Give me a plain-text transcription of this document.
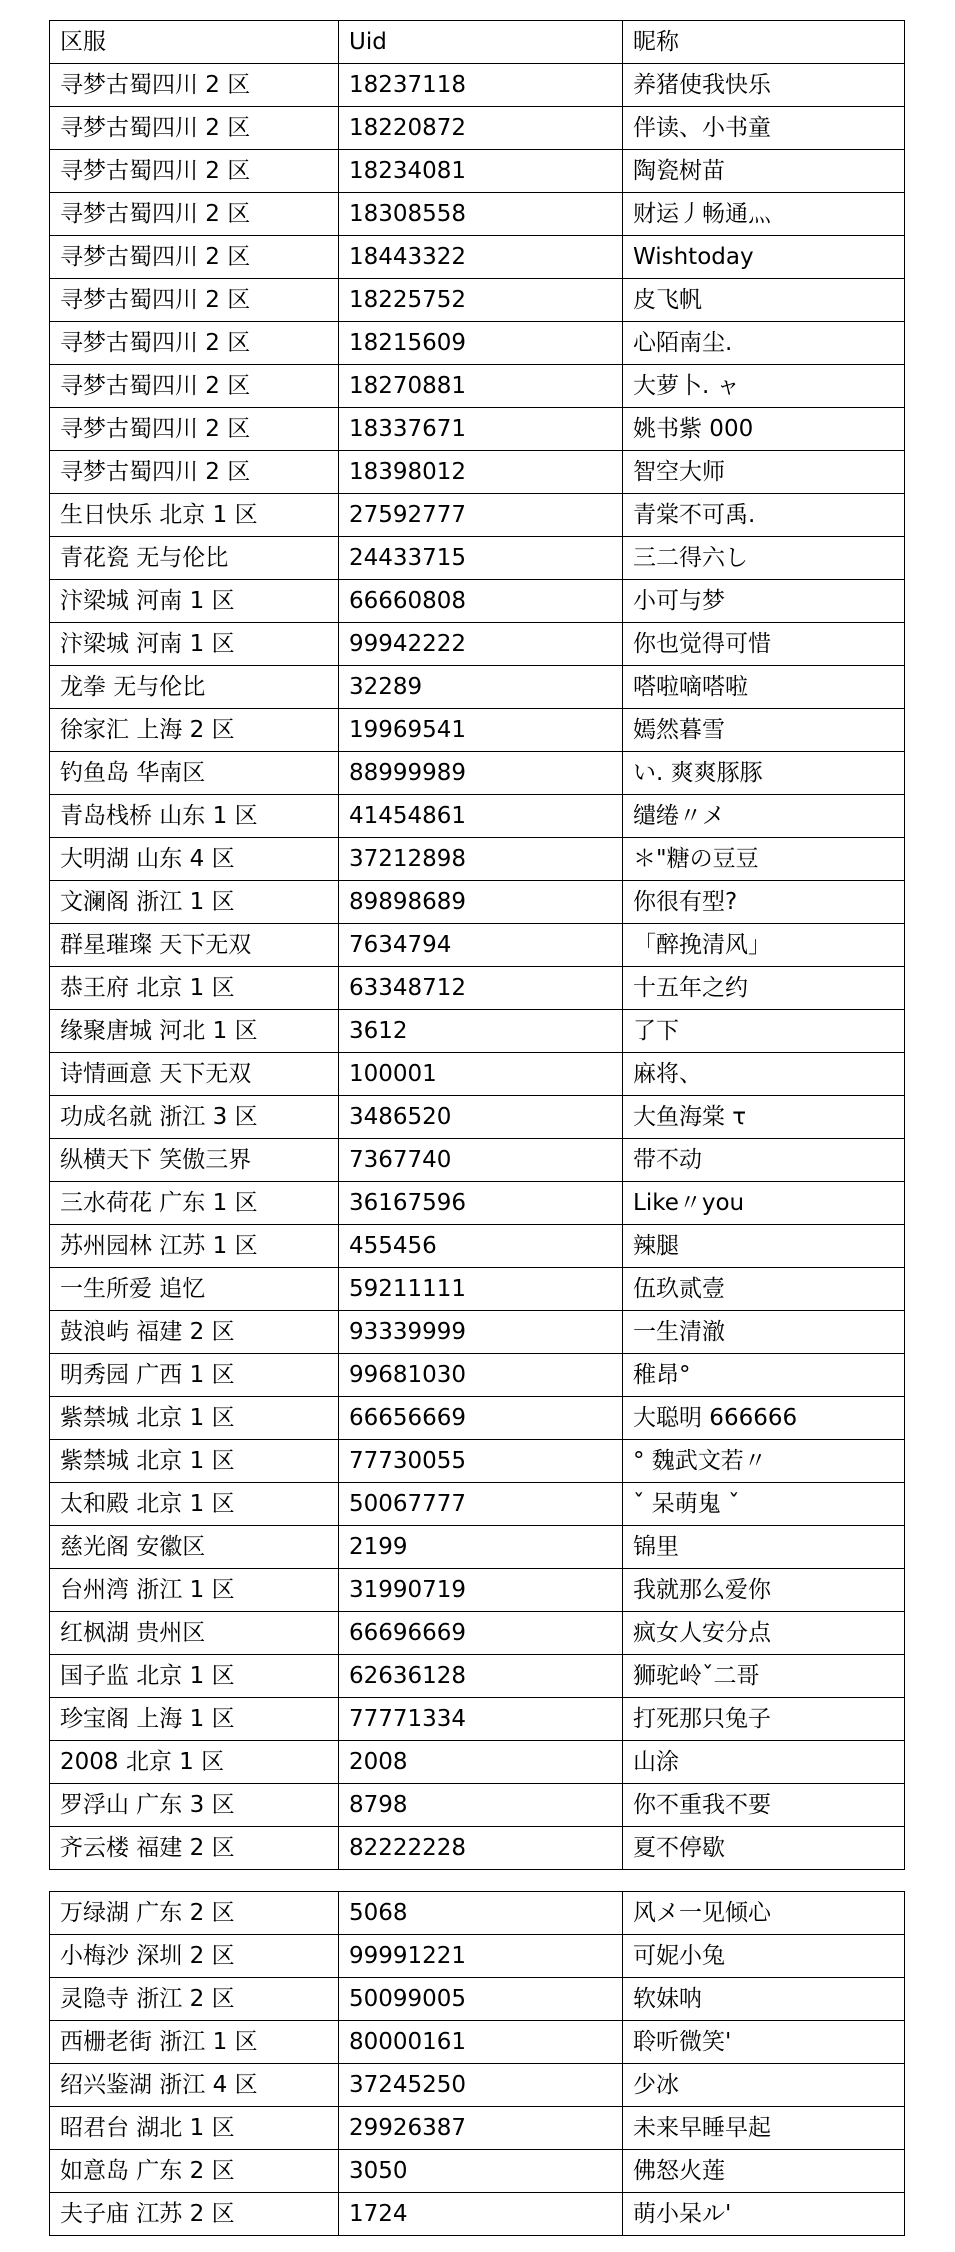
区服	Uid	昵称
寻梦古蜀四川 2 区	18237118	养猪使我快乐
寻梦古蜀四川 2 区	18220872	伴读、小书童
寻梦古蜀四川 2 区	18234081	陶瓷树苗
寻梦古蜀四川 2 区	18308558	财运丿畅通灬
寻梦古蜀四川 2 区	18443322	Wishtoday
寻梦古蜀四川 2 区	18225752	皮飞帆
寻梦古蜀四川 2 区	18215609	心陌南尘.
寻梦古蜀四川 2 区	18270881	大萝卜. ャ
寻梦古蜀四川 2 区	18337671	姚书紫 000
寻梦古蜀四川 2 区	18398012	智空大师
生日快乐 北京 1 区	27592777	青棠不可禹.
青花瓷 无与伦比	24433715	三二得六し
汴梁城 河南 1 区	66660808	小可与梦
汴梁城 河南 1 区	99942222	你也觉得可惜
龙拳 无与伦比	32289	嗒啦嘀嗒啦
徐家汇 上海 2 区	19969541	嫣然暮雪
钓鱼岛 华南区	88999989	い. 爽爽豚豚
青岛栈桥 山东 1 区	41454861	缱绻〃メ
大明湖 山东 4 区	37212898	＊"糖の豆豆
文澜阁 浙江 1 区	89898689	你很有型?
群星璀璨 天下无双	7634794	「醉挽清风」
恭王府 北京 1 区	63348712	十五年之约
缘聚唐城 河北 1 区	3612	了下
诗情画意 天下无双	100001	麻将、
功成名就 浙江 3 区	3486520	大鱼海棠 τ
纵横天下 笑傲三界	7367740	带不动
三水荷花 广东 1 区	36167596	Like〃you
苏州园林 江苏 1 区	455456	辣腿
一生所爱 追忆	59211111	伍玖贰壹
鼓浪屿 福建 2 区	93339999	一生清澈
明秀园 广西 1 区	99681030	稚昂°
紫禁城 北京 1 区	66656669	大聪明 666666
紫禁城 北京 1 区	77730055	° 魏武文若〃
太和殿 北京 1 区	50067777	ˇ 呆萌鬼 ˇ
慈光阁 安徽区	2199	锦里
台州湾 浙江 1 区	31990719	我就那么爱你
红枫湖 贵州区	66696669	疯女人安分点
国子监 北京 1 区	62636128	狮驼岭ˇ二哥
珍宝阁 上海 1 区	77771334	打死那只兔子
2008 北京 1 区	2008	山涂
罗浮山 广东 3 区	8798	你不重我不要
齐云楼 福建 2 区	82222228	夏不停歇
万绿湖 广东 2 区	5068	风メ一见倾心
小梅沙 深圳 2 区	99991221	可妮小兔
灵隐寺 浙江 2 区	50099005	软妹呐
西栅老街 浙江 1 区	80000161	聆听微笑'
绍兴鉴湖 浙江 4 区	37245250	少冰
昭君台 湖北 1 区	29926387	未来早睡早起
如意岛 广东 2 区	3050	佛怒火莲
夫子庙 江苏 2 区	1724	萌小呆ル'
